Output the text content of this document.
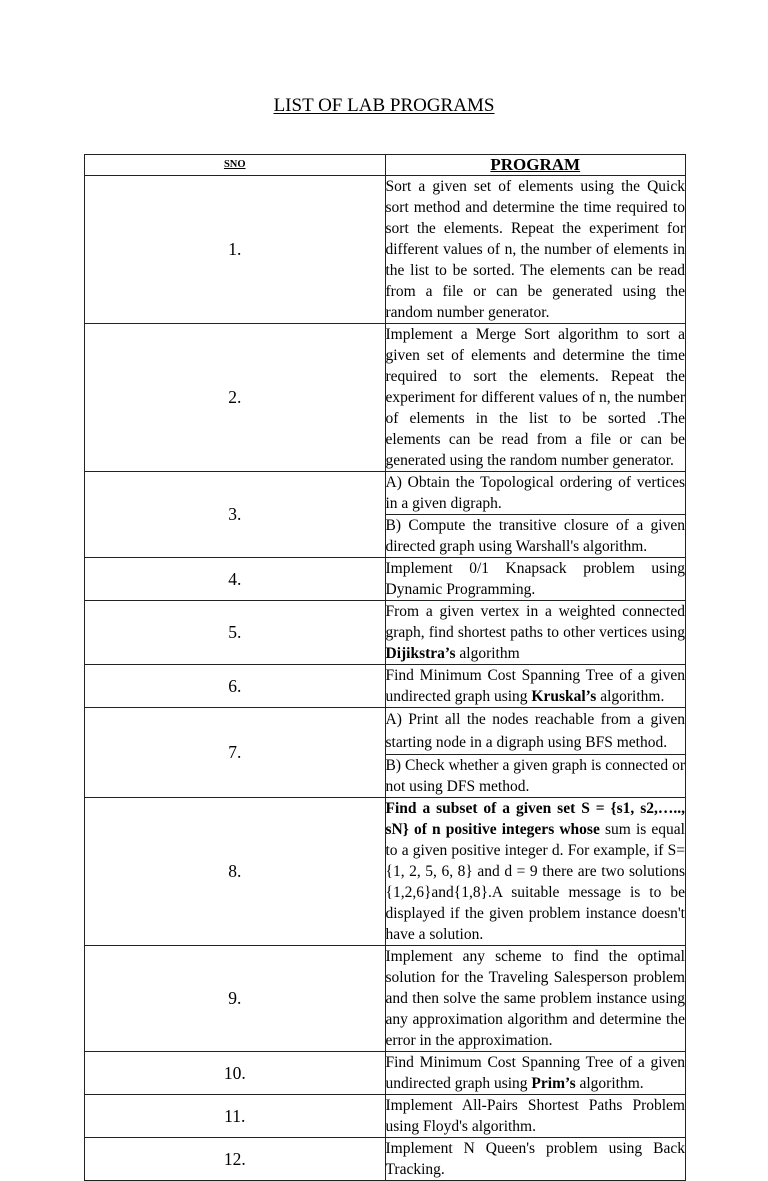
LIST OF LAB PROGRAMS
SNO	PROGRAM
1.	Sort a given set of elements using the Quick sort method and determine the time required to sort the elements. Repeat the experiment for different values of n, the number of elements in the list to be sorted. The elements can be read from a file or can be generated using the random number generator.
2.	Implement a Merge Sort algorithm to sort a given set of elements and determine the time required to sort the elements. Repeat the experiment for different values of n, the number of elements in the list to be sorted .The elements can be read from a file or can be generated using the random number generator.
3.	A) Obtain the Topological ordering of vertices in a given digraph.
	B) Compute the transitive closure of a given directed graph using Warshall's algorithm.
4.	Implement 0/1 Knapsack problem using Dynamic Programming.
5.	From a given vertex in a weighted connected graph, find shortest paths to other vertices using Dijikstra’s algorithm
6.	Find Minimum Cost Spanning Tree of a given undirected graph using Kruskal’s algorithm.
7.	A) Print all the nodes reachable from a given starting node in a digraph using BFS method.
	B) Check whether a given graph is connected or not using DFS method.
8.	Find a subset of a given set S = {s1, s2,….., sN} of n positive integers whose sum is equal to a given positive integer d. For example, if S= {1, 2, 5, 6, 8} and d = 9 there are two solutions {1,2,6}and{1,8}.A suitable message is to be displayed if the given problem instance doesn't have a solution.
9.	Implement any scheme to find the optimal solution for the Traveling Salesperson problem and then solve the same problem instance using any approximation algorithm and determine the error in the approximation.
10.	Find Minimum Cost Spanning Tree of a given undirected graph using Prim’s algorithm.
11.	Implement All-Pairs Shortest Paths Problem using Floyd's algorithm.
12.	Implement N Queen's problem using Back Tracking.
